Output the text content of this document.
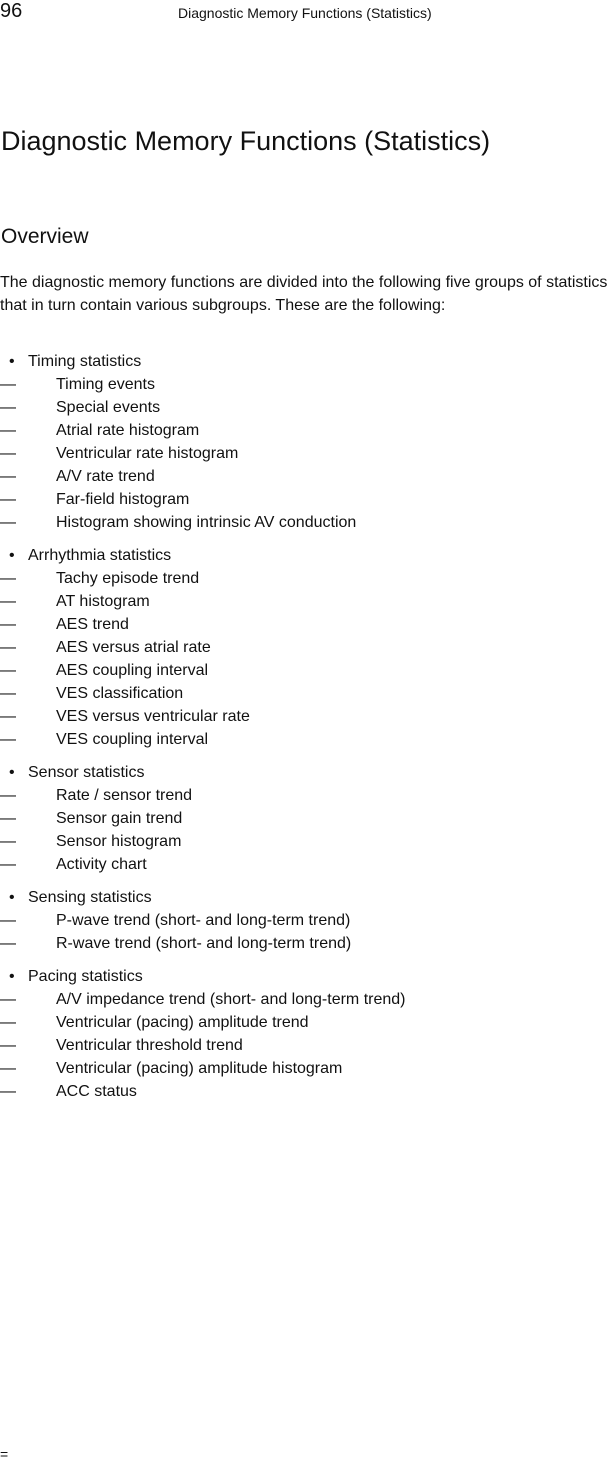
96	Diagnostic Memory Functions (Statistics)
Diagnostic Memory Functions (Statistics)
Overview

The diagnostic memory functions are divided into the following five groups of statistics that in turn contain various subgroups. These are the following:

• Timing statistics
—	Timing events
—	Special events
—	Atrial rate histogram
—	Ventricular rate histogram
—	A/V rate trend
—	Far-field histogram
—	Histogram showing intrinsic AV conduction
• Arrhythmia statistics
—	Tachy episode trend
—	AT histogram
—	AES trend
—	AES versus atrial rate
—	AES coupling interval
—	VES classification
—	VES versus ventricular rate
—	VES coupling interval
• Sensor statistics
—	Rate / sensor trend
—	Sensor gain trend
—	Sensor histogram
—	Activity chart
• Sensing statistics
—	P-wave trend (short- and long-term trend)
—	R-wave trend (short- and long-term trend)
• Pacing statistics
—	A/V impedance trend (short- and long-term trend)
—	Ventricular (pacing) amplitude trend
—	Ventricular threshold trend
—	Ventricular (pacing) amplitude histogram
—	ACC status
=
